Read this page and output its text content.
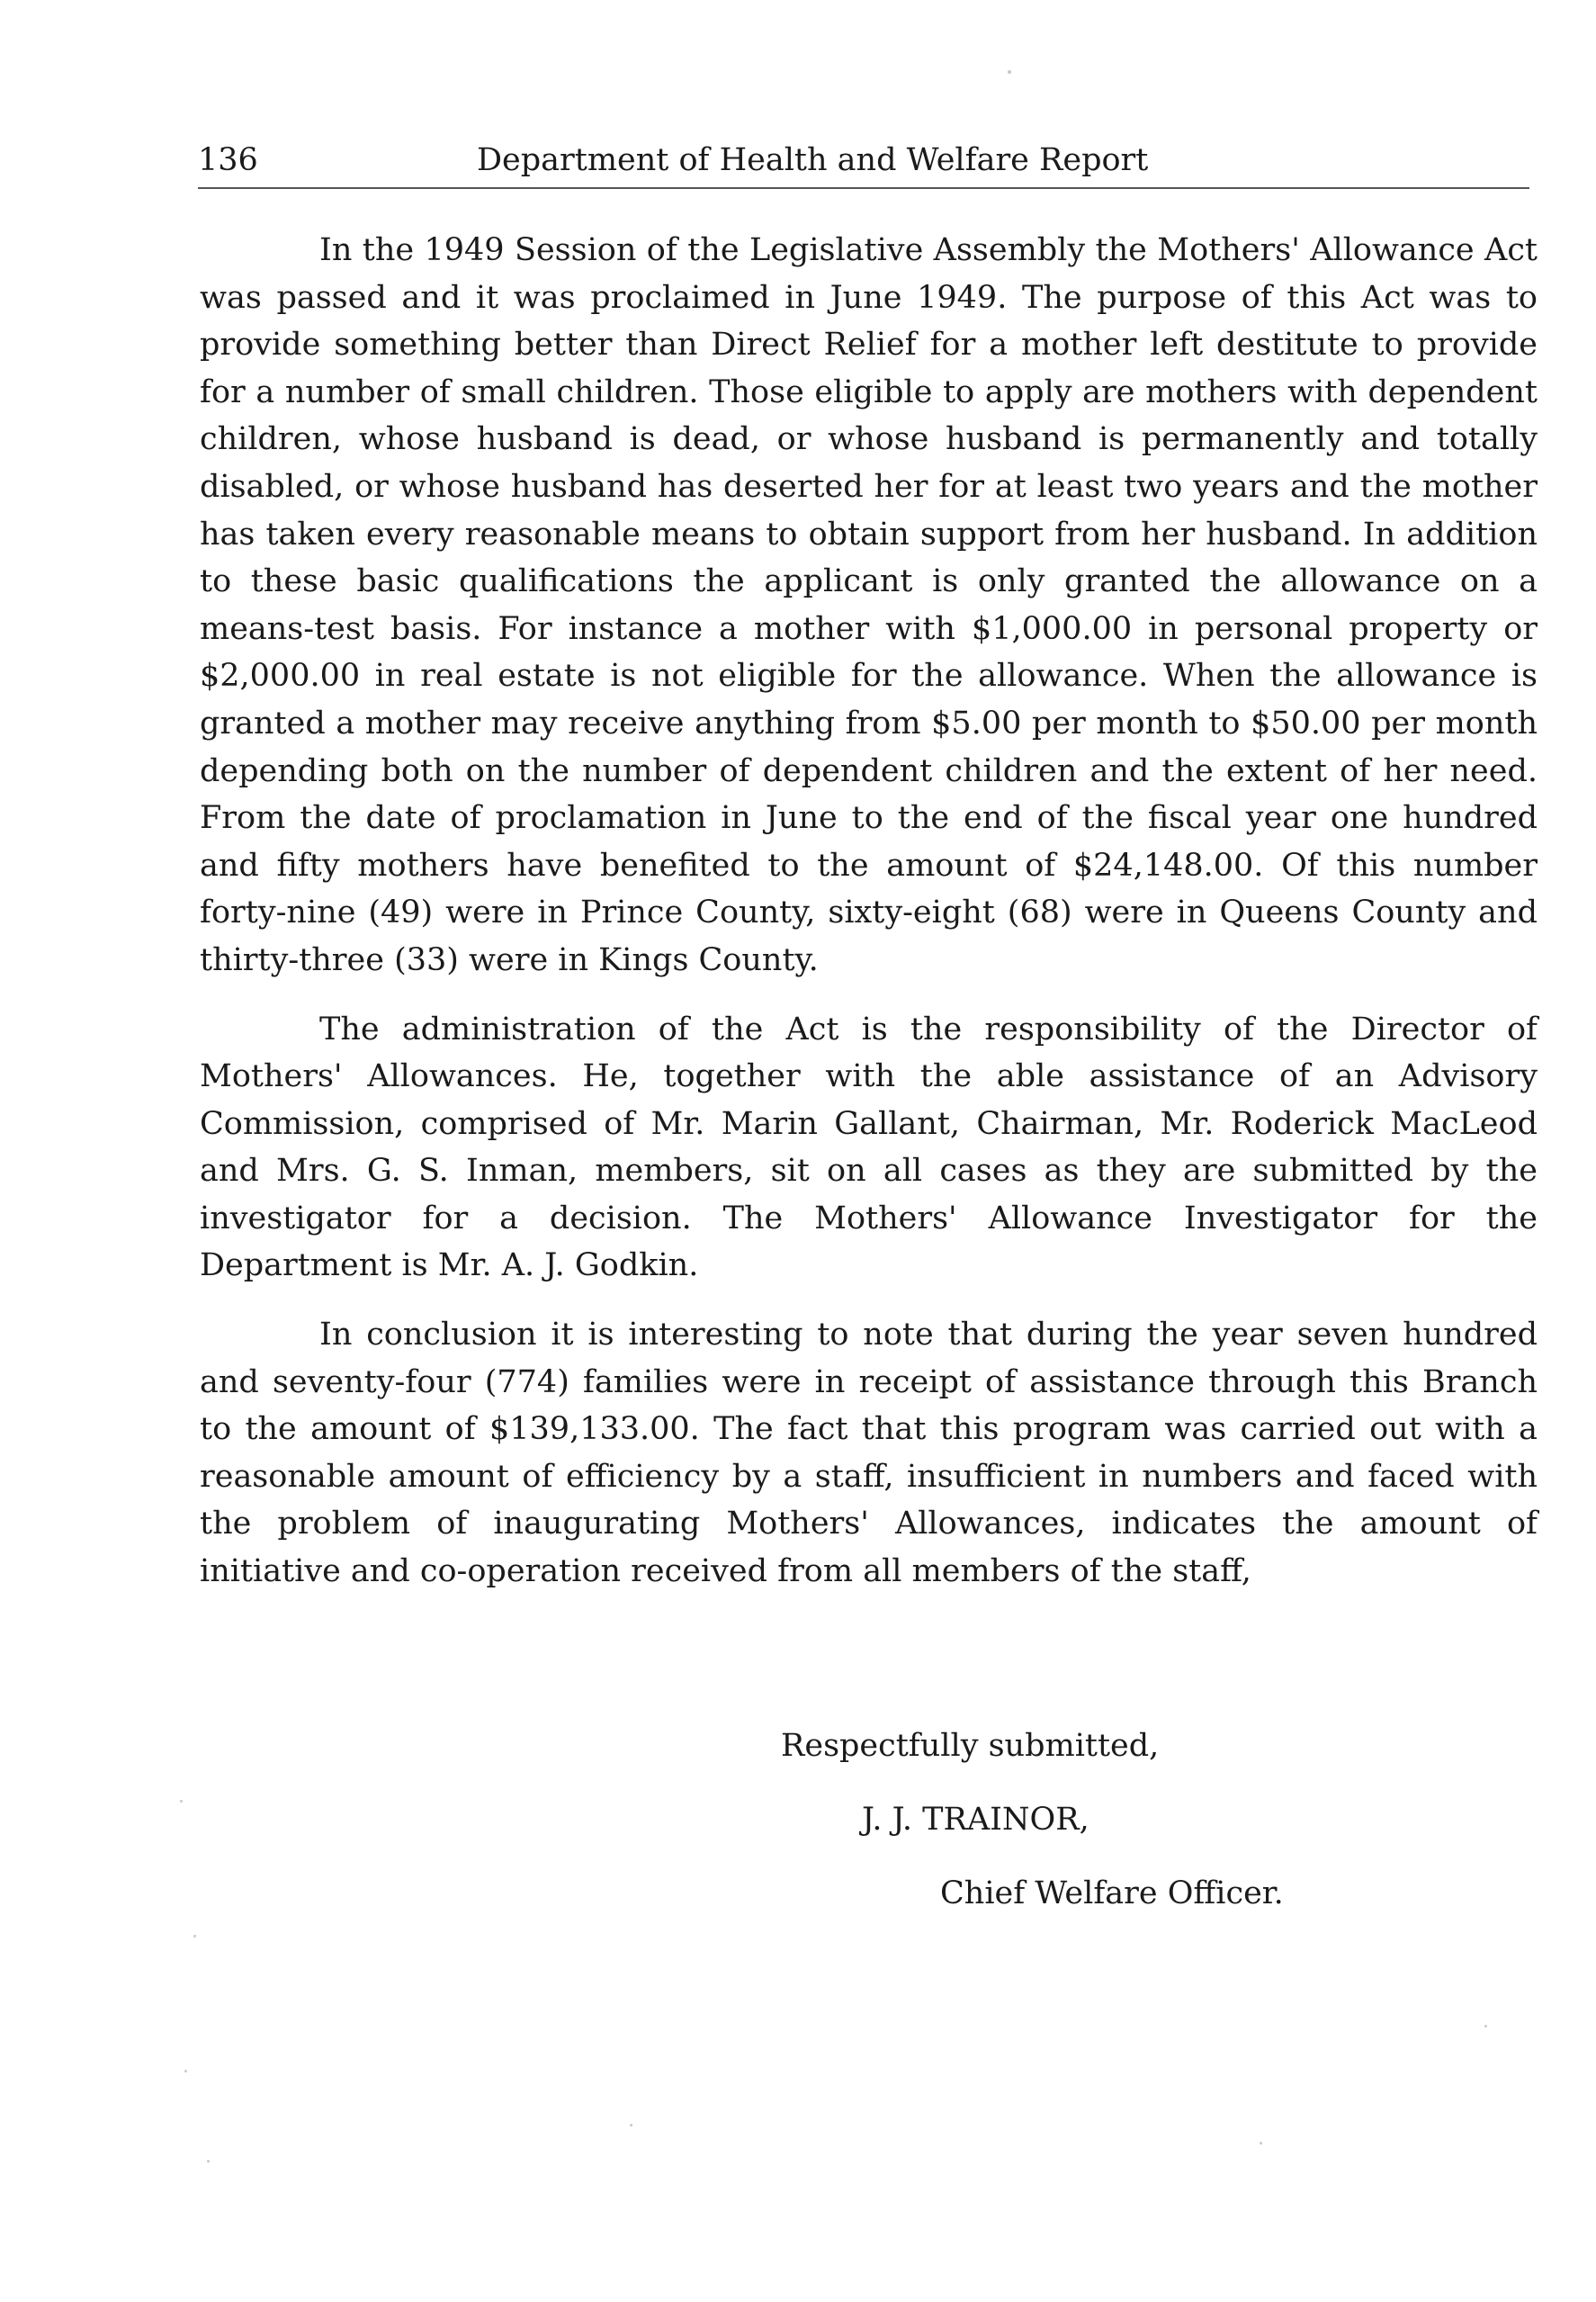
136	Department of Health and Welfare Report

In the 1949 Session of the Legislative Assembly the Mothers' Allowance Act was passed and it was proclaimed in June 1949. The purpose of this Act was to provide something better than Direct Relief for a mother left destitute to provide for a number of small children. Those eligible to apply are mothers with dependent children, whose husband is dead, or whose husband is permanently and totally disabled, or whose husband has deserted her for at least two years and the mother has taken every reasonable means to obtain support from her husband. In addition to these basic qualifications the applicant is only granted the allowance on a means-test basis. For instance a mother with $1,000.00 in personal property or $2,000.00 in real estate is not eligible for the allowance. When the allowance is granted a mother may receive anything from $5.00 per month to $50.00 per month depending both on the number of dependent children and the extent of her need. From the date of proclamation in June to the end of the fiscal year one hundred and fifty mothers have benefited to the amount of $24,148.00. Of this number forty-nine (49) were in Prince County, sixty-eight (68) were in Queens County and thirty-three (33) were in Kings County.

The administration of the Act is the responsibility of the Director of Mothers' Allowances. He, together with the able assistance of an Advisory Commission, comprised of Mr. Marin Gallant, Chairman, Mr. Roderick MacLeod and Mrs. G. S. Inman, members, sit on all cases as they are submitted by the investigator for a decision. The Mothers' Allowance Investigator for the Department is Mr. A. J. Godkin.

In conclusion it is interesting to note that during the year seven hundred and seventy-four (774) families were in receipt of assistance through this Branch to the amount of $139,133.00. The fact that this program was carried out with a reasonable amount of efficiency by a staff, insufficient in numbers and faced with the problem of inaugurating Mothers' Allowances, indicates the amount of initiative and co-operation received from all members of the staff,

Respectfully submitted,
J. J. TRAINOR,
Chief Welfare Officer.
